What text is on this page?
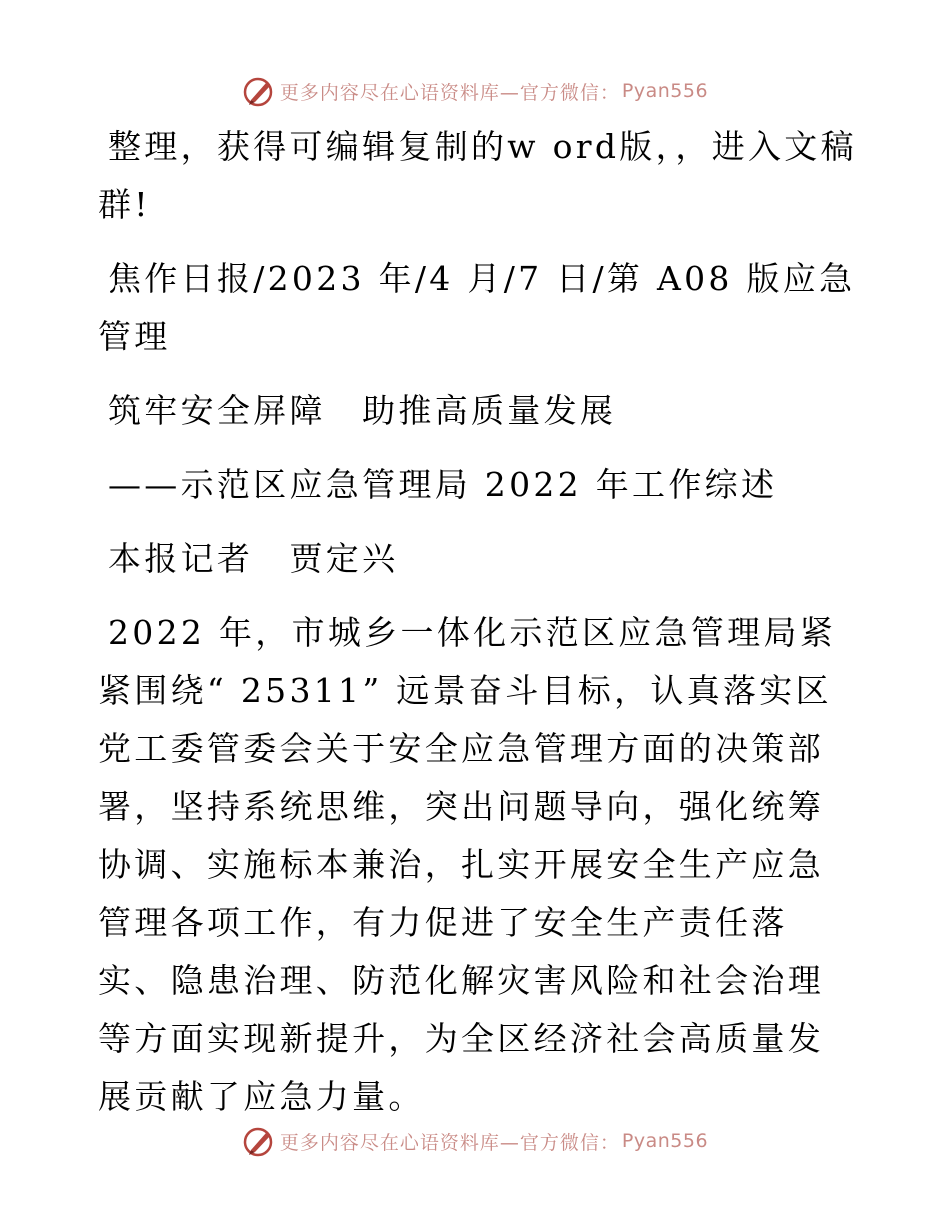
更多内容尽在心语资料库—官方微信： Pyan556

整理，获得可编辑复制的w ord版，，进入文稿群!

焦作日报/2023 年/4 月/7 日/第 A08 版应急管理

筑牢安全屏障　助推高质量发展

——示范区应急管理局 2022 年工作综述

本报记者　贾定兴

2022 年，市城乡一体化示范区应急管理局紧紧围绕“ 25311” 远景奋斗目标，认真落实区党工委管委会关于安全应急管理方面的决策部署，坚持系统思维，突出问题导向，强化统筹协调、实施标本兼治，扎实开展安全生产应急管理各项工作，有力促进了安全生产责任落实、隐患治理、防范化解灾害风险和社会治理等方面实现新提升，为全区经济社会高质量发展贡献了应急力量。

更多内容尽在心语资料库—官方微信： Pyan556
